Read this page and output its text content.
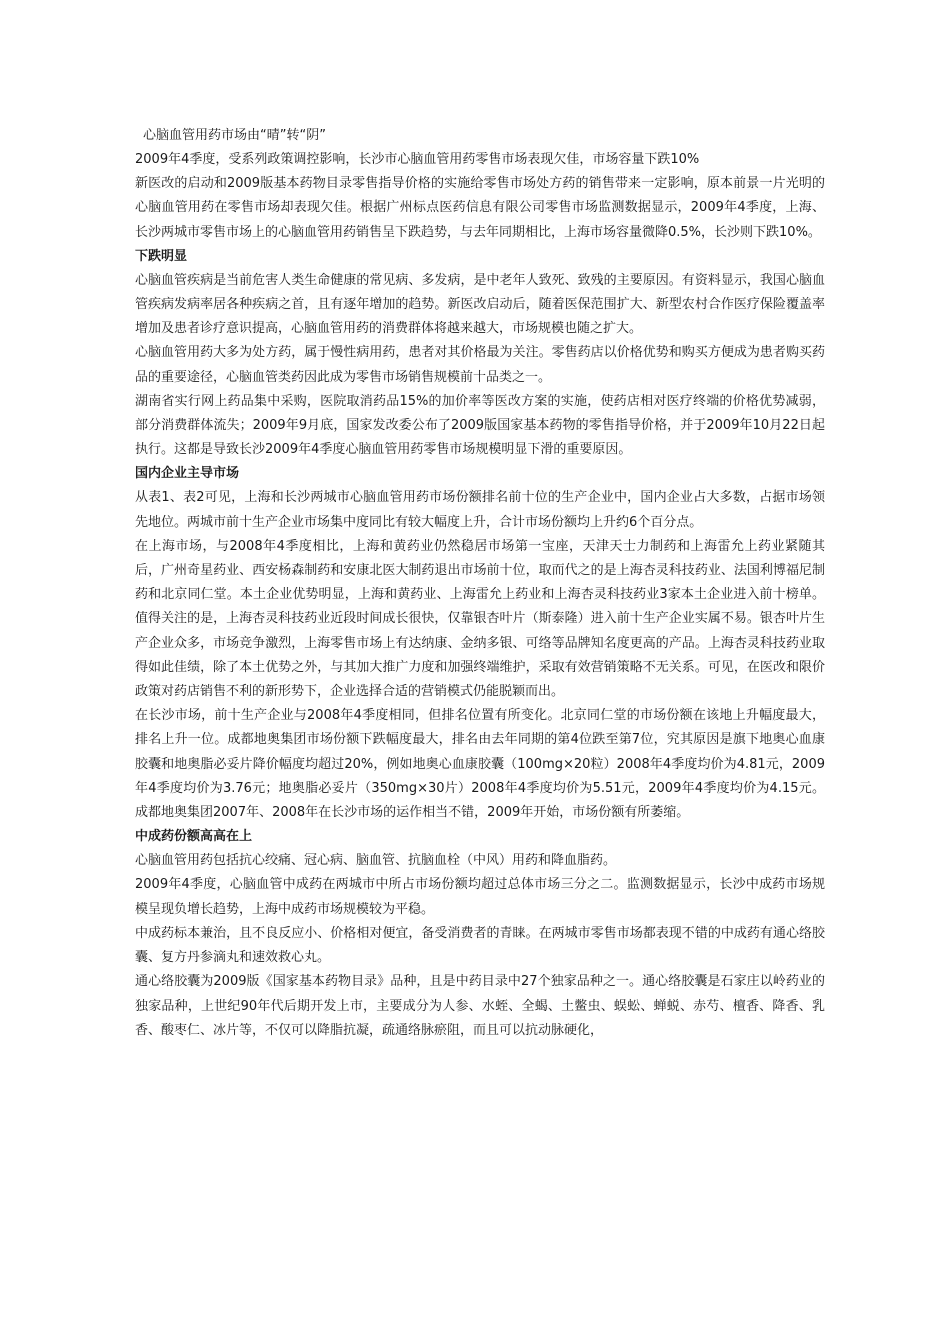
心脑血管用药市场由“晴”转“阴”

2009年4季度，受系列政策调控影响，长沙市心脑血管用药零售市场表现欠佳，市场容量下跌10%

新医改的启动和2009版基本药物目录零售指导价格的实施给零售市场处方药的销售带来一定影响，原本前景一片光明的心脑血管用药在零售市场却表现欠佳。根据广州标点医药信息有限公司零售市场监测数据显示，2009年4季度，上海、长沙两城市零售市场上的心脑血管用药销售呈下跌趋势，与去年同期相比，上海市场容量微降0.5%，长沙则下跌10%。

下跌明显

心脑血管疾病是当前危害人类生命健康的常见病、多发病，是中老年人致死、致残的主要原因。有资料显示，我国心脑血管疾病发病率居各种疾病之首，且有逐年增加的趋势。新医改启动后，随着医保范围扩大、新型农村合作医疗保险覆盖率增加及患者诊疗意识提高，心脑血管用药的消费群体将越来越大，市场规模也随之扩大。

心脑血管用药大多为处方药，属于慢性病用药，患者对其价格最为关注。零售药店以价格优势和购买方便成为患者购买药品的重要途径，心脑血管类药因此成为零售市场销售规模前十品类之一。

湖南省实行网上药品集中采购，医院取消药品15%的加价率等医改方案的实施，使药店相对医疗终端的价格优势减弱，部分消费群体流失；2009年9月底，国家发改委公布了2009版国家基本药物的零售指导价格，并于2009年10月22日起执行。这都是导致长沙2009年4季度心脑血管用药零售市场规模明显下滑的重要原因。

国内企业主导市场

从表1、表2可见，上海和长沙两城市心脑血管用药市场份额排名前十位的生产企业中，国内企业占大多数，占据市场领先地位。两城市前十生产企业市场集中度同比有较大幅度上升，合计市场份额均上升约6个百分点。

在上海市场，与2008年4季度相比，上海和黄药业仍然稳居市场第一宝座，天津天士力制药和上海雷允上药业紧随其后，广州奇星药业、西安杨森制药和安康北医大制药退出市场前十位，取而代之的是上海杏灵科技药业、法国利博福尼制药和北京同仁堂。本土企业优势明显，上海和黄药业、上海雷允上药业和上海杏灵科技药业3家本土企业进入前十榜单。值得关注的是，上海杏灵科技药业近段时间成长很快，仅靠银杏叶片（斯泰隆）进入前十生产企业实属不易。银杏叶片生产企业众多，市场竞争激烈，上海零售市场上有达纳康、金纳多银、可络等品牌知名度更高的产品。上海杏灵科技药业取得如此佳绩，除了本土优势之外，与其加大推广力度和加强终端维护，采取有效营销策略不无关系。可见，在医改和限价政策对药店销售不利的新形势下，企业选择合适的营销模式仍能脱颖而出。

在长沙市场，前十生产企业与2008年4季度相同，但排名位置有所变化。北京同仁堂的市场份额在该地上升幅度最大，排名上升一位。成都地奥集团市场份额下跌幅度最大，排名由去年同期的第4位跌至第7位，究其原因是旗下地奥心血康胶囊和地奥脂必妥片降价幅度均超过20%，例如地奥心血康胶囊（100mg×20粒）2008年4季度均价为4.81元，2009年4季度均价为3.76元；地奥脂必妥片（350mg×30片）2008年4季度均价为5.51元，2009年4季度均价为4.15元。成都地奥集团2007年、2008年在长沙市场的运作相当不错，2009年开始，市场份额有所萎缩。

中成药份额高高在上

心脑血管用药包括抗心绞痛、冠心病、脑血管、抗脑血栓（中风）用药和降血脂药。

2009年4季度，心脑血管中成药在两城市中所占市场份额均超过总体市场三分之二。监测数据显示，长沙中成药市场规模呈现负增长趋势，上海中成药市场规模较为平稳。

中成药标本兼治，且不良反应小、价格相对便宜，备受消费者的青睐。在两城市零售市场都表现不错的中成药有通心络胶囊、复方丹参滴丸和速效救心丸。

通心络胶囊为2009版《国家基本药物目录》品种，且是中药目录中27个独家品种之一。通心络胶囊是石家庄以岭药业的独家品种，上世纪90年代后期开发上市，主要成分为人参、水蛭、全蝎、土鳖虫、蜈蚣、蝉蜕、赤芍、檀香、降香、乳香、酸枣仁、冰片等，不仅可以降脂抗凝，疏通络脉瘀阻，而且可以抗动脉硬化，
